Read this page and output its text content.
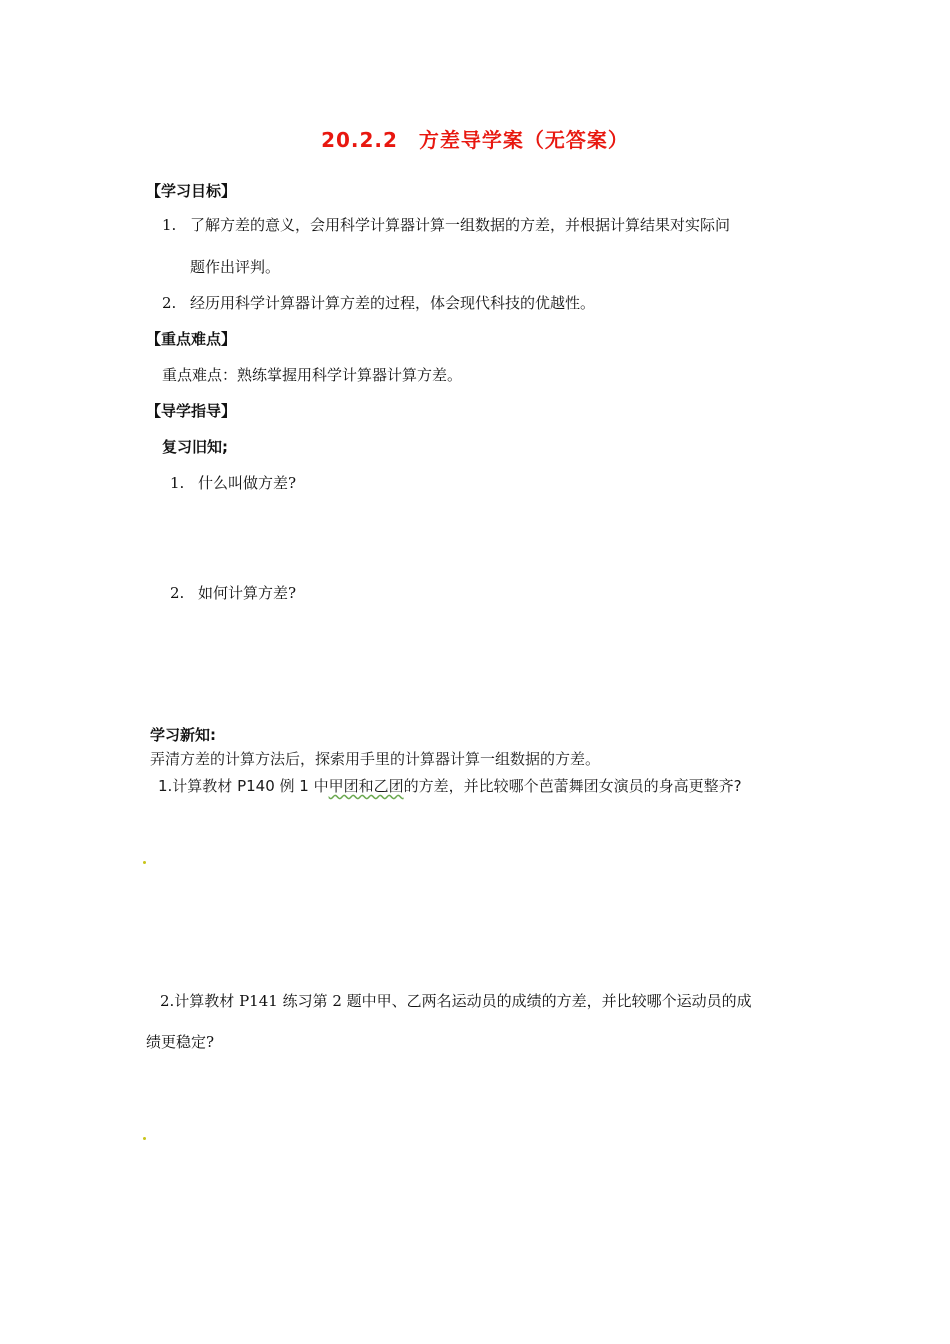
20.2.2　方差导学案（无答案）
【学习目标】
1. 了解方差的意义，会用科学计算器计算一组数据的方差，并根据计算结果对实际问
题作出评判。
2. 经历用科学计算器计算方差的过程，体会现代科技的优越性。
【重点难点】
重点难点：熟练掌握用科学计算器计算方差。
【导学指导】
复习旧知;
1. 什么叫做方差?
2. 如何计算方差?
学习新知:
弄清方差的计算方法后，探索用手里的计算器计算一组数据的方差。
1.计算教材 P140 例 1 中甲团和乙团的方差，并比较哪个芭蕾舞团女演员的身高更整齐?
2.计算教材 P141 练习第 2 题中甲、乙两名运动员的成绩的方差，并比较哪个运动员的成
绩更稳定?
